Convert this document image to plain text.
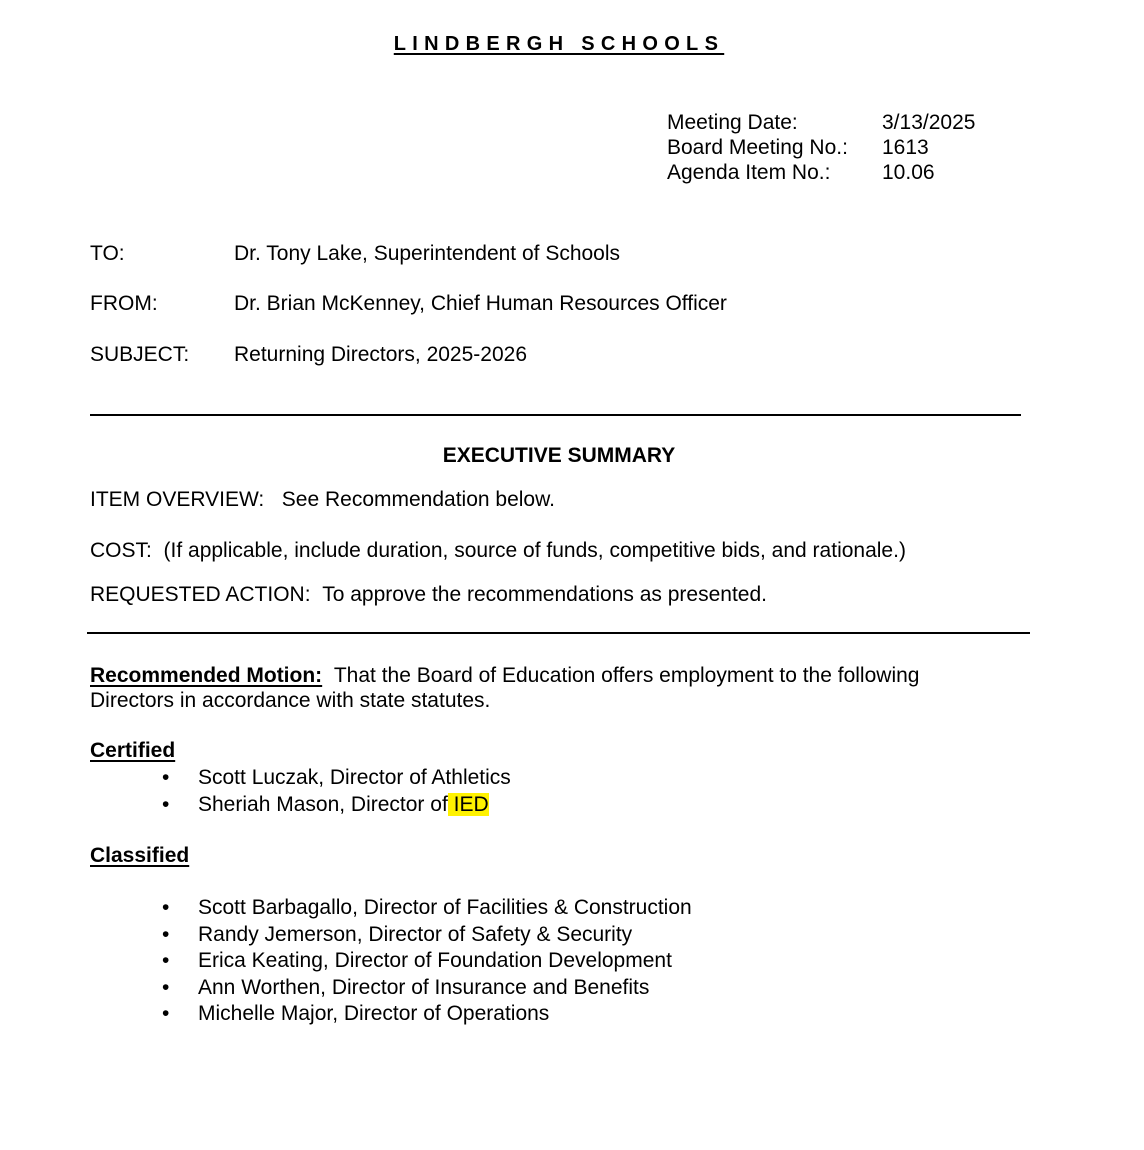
LINDBERGH SCHOOLS
Meeting Date:
Board Meeting No.:
Agenda Item No.:
3/13/2025
1613
10.06
TO:	Dr. Tony Lake, Superintendent of Schools
FROM:	Dr. Brian McKenney, Chief Human Resources Officer
SUBJECT: Returning Directors, 2025-2026
EXECUTIVE SUMMARY
ITEM OVERVIEW: See Recommendation below.
COST: (If applicable, include duration, source of funds, competitive bids, and rationale.)
REQUESTED ACTION: To approve the recommendations as presented.
Recommended Motion: That the Board of Education offers employment to the following
Directors in accordance with state statutes.
Certified
• Scott Luczak, Director of Athletics
• Sheriah Mason, Director of IED
Classified
• Scott Barbagallo, Director of Facilities & Construction
• Randy Jemerson, Director of Safety & Security
• Erica Keating, Director of Foundation Development
• Ann Worthen, Director of Insurance and Benefits
• Michelle Major, Director of Operations
